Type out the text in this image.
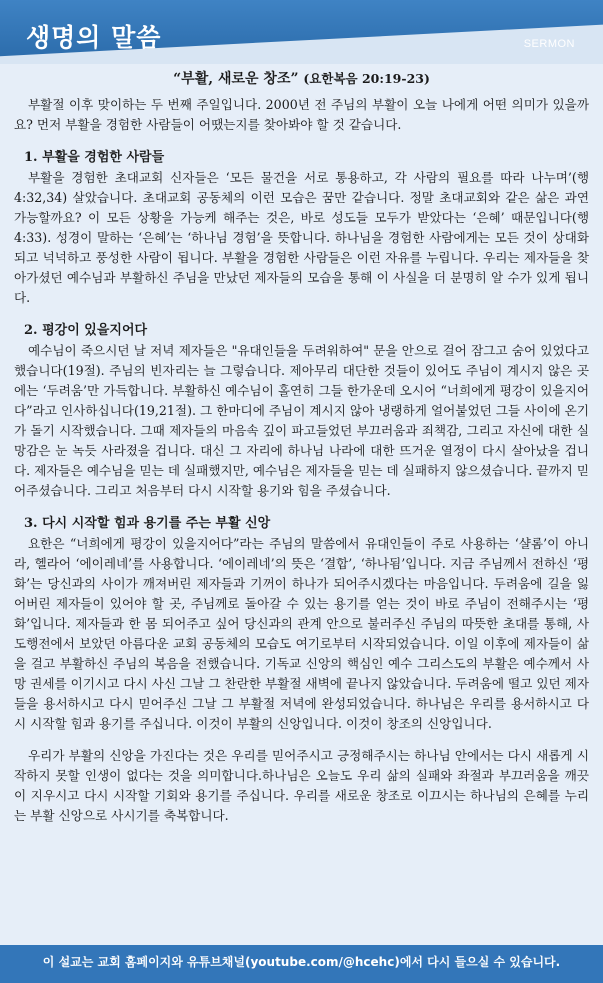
생명의 말씀	SERMON
“부활, 새로운 창조” (요한복음 20:19-23)

부활절 이후 맞이하는 두 번째 주일입니다. 2000년 전 주님의 부활이 오늘 나에게 어떤 의미가 있을까요? 먼저 부활을 경험한 사람들이 어땠는지를 찾아봐야 할 것 같습니다.

1. 부활을 경험한 사람들

부활을 경험한 초대교회 신자들은 ‘모든 물건을 서로 통용하고, 각 사람의 필요를 따라 나누며’(행 4:32,34) 살았습니다. 초대교회 공동체의 이런 모습은 꿈만 같습니다. 정말 초대교회와 같은 삶은 과연 가능할까요? 이 모든 상황을 가능케 해주는 것은, 바로 성도들 모두가 받았다는 ‘은혜’ 때문입니다(행 4:33). 성경이 말하는 ‘은혜’는 ‘하나님 경험’을 뜻합니다. 하나님을 경험한 사람에게는 모든 것이 상대화되고 넉넉하고 풍성한 사람이 됩니다. 부활을 경험한 사람들은 이런 자유를 누립니다. 우리는 제자들을 찾아가셨던 예수님과 부활하신 주님을 만났던 제자들의 모습을 통해 이 사실을 더 분명히 알 수가 있게 됩니다.

2. 평강이 있을지어다

예수님이 죽으시던 날 저녁 제자들은 "유대인들을 두려워하여" 문을 안으로 걸어 잠그고 숨어 있었다고 했습니다(19절). 주님의 빈자리는 늘 그렇습니다. 제아무리 대단한 것들이 있어도 주님이 계시지 않은 곳에는 ‘두려움’만 가득합니다. 부활하신 예수님이 홀연히 그들 한가운데 오시어 “너희에게 평강이 있을지어다”라고 인사하십니다(19,21절). 그 한마디에 주님이 계시지 않아 냉랭하게 얼어붙었던 그들 사이에 온기가 돌기 시작했습니다. 그때 제자들의 마음속 깊이 파고들었던 부끄러움과 죄책감, 그리고 자신에 대한 실망감은 눈 녹듯 사라졌을 겁니다. 대신 그 자리에 하나님 나라에 대한 뜨거운 열정이 다시 살아났을 겁니다. 제자들은 예수님을 믿는 데 실패했지만, 예수님은 제자들을 믿는 데 실패하지 않으셨습니다. 끝까지 믿어주셨습니다. 그리고 처음부터 다시 시작할 용기와 힘을 주셨습니다.

3. 다시 시작할 힘과 용기를 주는 부활 신앙

요한은 “너희에게 평강이 있을지어다”라는 주님의 말씀에서 유대인들이 주로 사용하는 ‘샬롬’이 아니라, 헬라어 ‘에이레네’를 사용합니다. ‘에이레네’의 뜻은 ‘결합’, ‘하나됨’입니다. 지금 주님께서 전하신 ‘평화’는 당신과의 사이가 깨져버린 제자들과 기꺼이 하나가 되어주시겠다는 마음입니다. 두려움에 길을 잃어버린 제자들이 있어야 할 곳, 주님께로 돌아갈 수 있는 용기를 얻는 것이 바로 주님이 전해주시는 ‘평화’입니다. 제자들과 한 몸 되어주고 싶어 당신과의 관계 안으로 불러주신 주님의 따뜻한 초대를 통해, 사도행전에서 보았던 아름다운 교회 공동체의 모습도 여기로부터 시작되었습니다. 이일 이후에 제자들이 삶을 걸고 부활하신 주님의 복음을 전했습니다. 기독교 신앙의 핵심인 예수 그리스도의 부활은 예수께서 사망 권세를 이기시고 다시 사신 그날 그 찬란한 부활절 새벽에 끝나지 않았습니다. 두려움에 떨고 있던 제자들을 용서하시고 다시 믿어주신 그날 그 부활절 저녁에 완성되었습니다. 하나님은 우리를 용서하시고 다시 시작할 힘과 용기를 주십니다. 이것이 부활의 신앙입니다. 이것이 창조의 신앙입니다.

우리가 부활의 신앙을 가진다는 것은 우리를 믿어주시고 긍정해주시는 하나님 안에서는 다시 새롭게 시작하지 못할 인생이 없다는 것을 의미합니다.하나님은 오늘도 우리 삶의 실패와 좌절과 부끄러움을 깨끗이 지우시고 다시 시작할 기회와 용기를 주십니다. 우리를 새로운 창조로 이끄시는 하나님의 은혜를 누리는 부활 신앙으로 사시기를 축복합니다.

이 설교는 교회 홈페이지와 유튜브채널(youtube.com/@hcehc)에서 다시 들으실 수 있습니다.
